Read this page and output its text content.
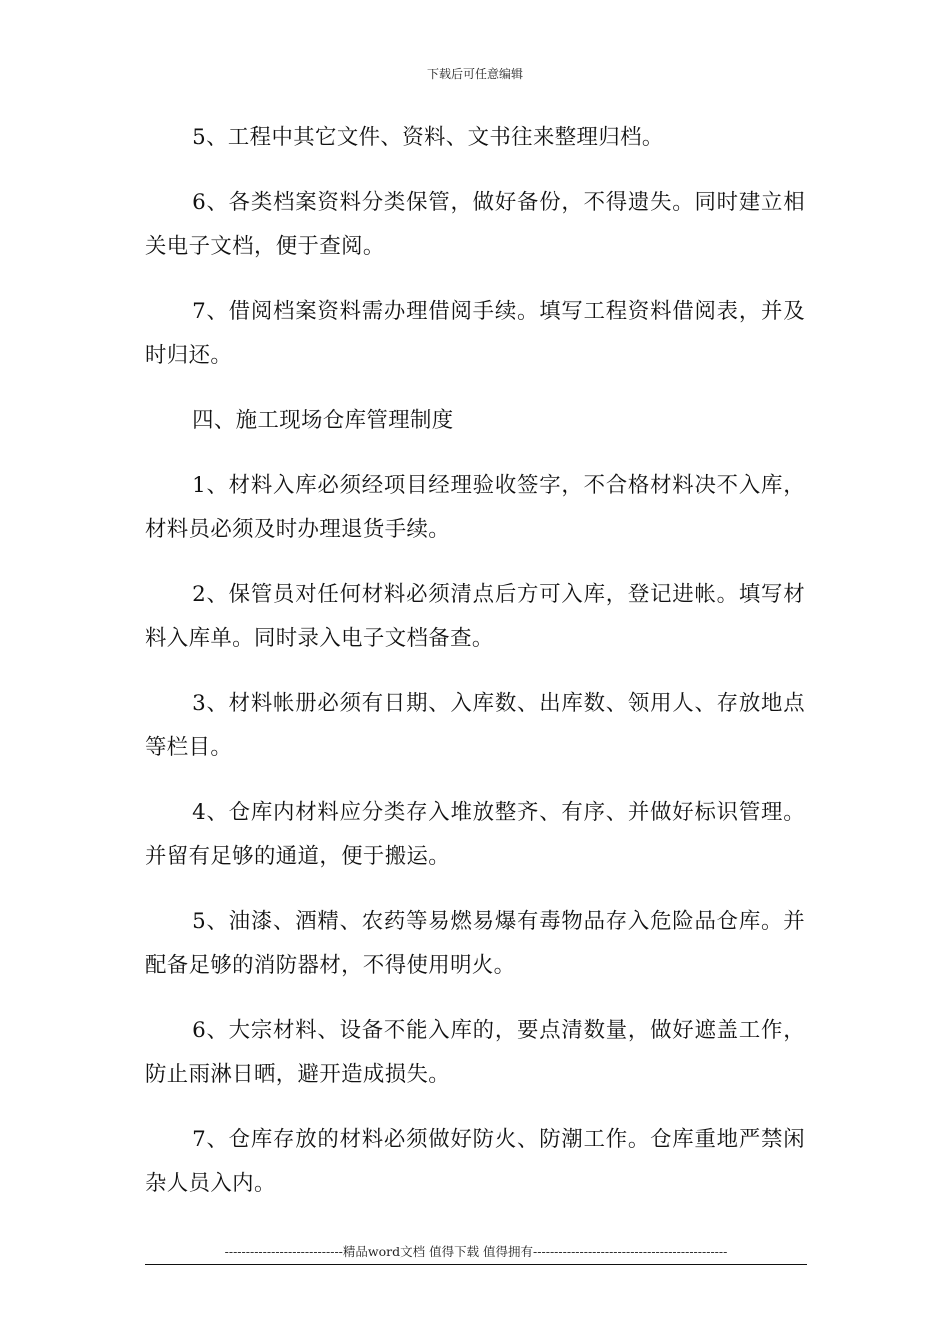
下载后可任意编辑

5、工程中其它文件、资料、文书往来整理归档。

6、各类档案资料分类保管，做好备份，不得遗失。同时建立相关电子文档，便于查阅。

7、借阅档案资料需办理借阅手续。填写工程资料借阅表，并及时归还。

四、施工现场仓库管理制度

1、材料入库必须经项目经理验收签字，不合格材料决不入库，材料员必须及时办理退货手续。

2、保管员对任何材料必须清点后方可入库，登记进帐。填写材料入库单。同时录入电子文档备查。

3、材料帐册必须有日期、入库数、出库数、领用人、存放地点等栏目。

4、仓库内材料应分类存入堆放整齐、有序、并做好标识管理。并留有足够的通道，便于搬运。

5、油漆、酒精、农药等易燃易爆有毒物品存入危险品仓库。并配备足够的消防器材，不得使用明火。

6、大宗材料、设备不能入库的，要点清数量，做好遮盖工作，防止雨淋日晒，避开造成损失。

7、仓库存放的材料必须做好防火、防潮工作。仓库重地严禁闲杂人员入内。

----------------------------精品word文档 值得下载 值得拥有----------------------------------------------
